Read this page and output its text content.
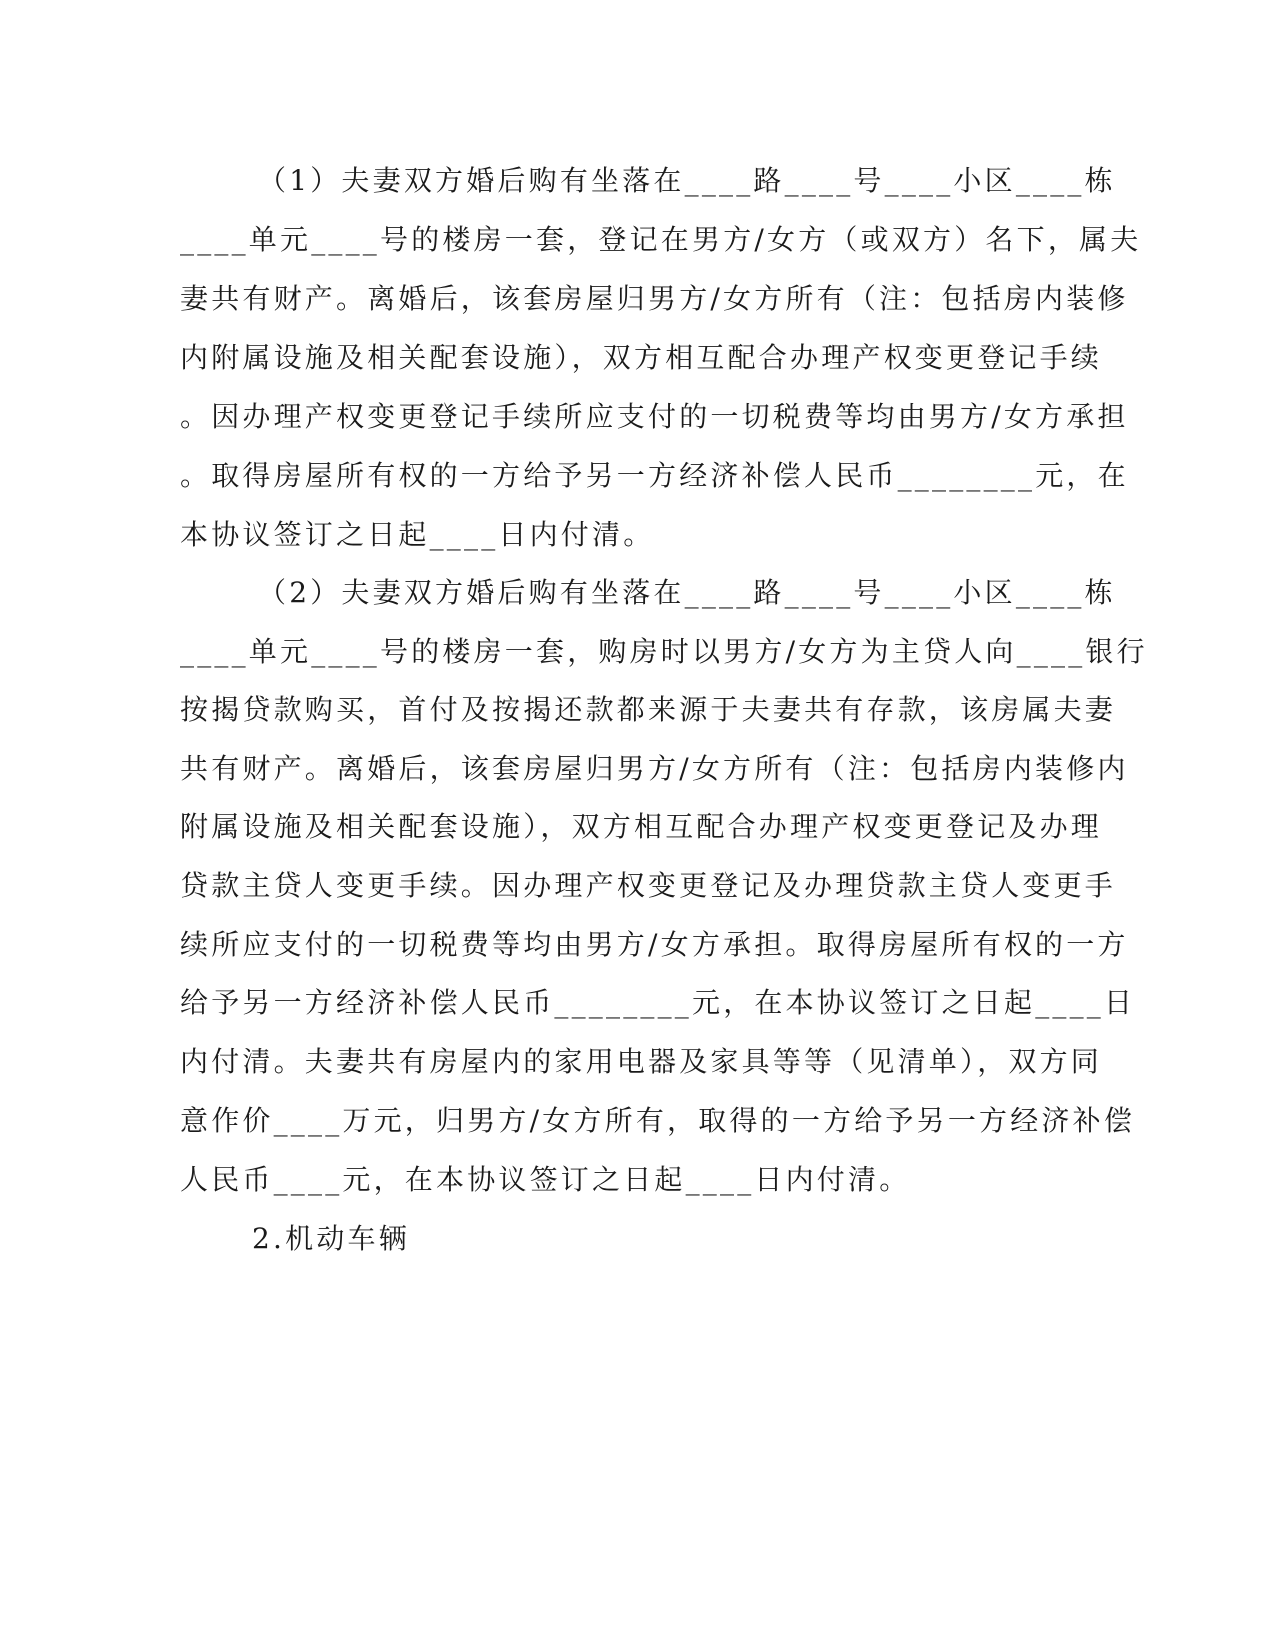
（1）夫妻双方婚后购有坐落在____路____号____小区____栋
____单元____号的楼房一套，登记在男方/女方（或双方）名下，属夫
妻共有财产。离婚后，该套房屋归男方/女方所有（注：包括房内装修
内附属设施及相关配套设施），双方相互配合办理产权变更登记手续
。因办理产权变更登记手续所应支付的一切税费等均由男方/女方承担
。取得房屋所有权的一方给予另一方经济补偿人民币________元，在
本协议签订之日起____日内付清。
（2）夫妻双方婚后购有坐落在____路____号____小区____栋
____单元____号的楼房一套，购房时以男方/女方为主贷人向____银行
按揭贷款购买，首付及按揭还款都来源于夫妻共有存款，该房属夫妻
共有财产。离婚后，该套房屋归男方/女方所有（注：包括房内装修内
附属设施及相关配套设施），双方相互配合办理产权变更登记及办理
贷款主贷人变更手续。因办理产权变更登记及办理贷款主贷人变更手
续所应支付的一切税费等均由男方/女方承担。取得房屋所有权的一方
给予另一方经济补偿人民币________元，在本协议签订之日起____日
内付清。夫妻共有房屋内的家用电器及家具等等（见清单），双方同
意作价____万元，归男方/女方所有，取得的一方给予另一方经济补偿
人民币____元，在本协议签订之日起____日内付清。
2.机动车辆
